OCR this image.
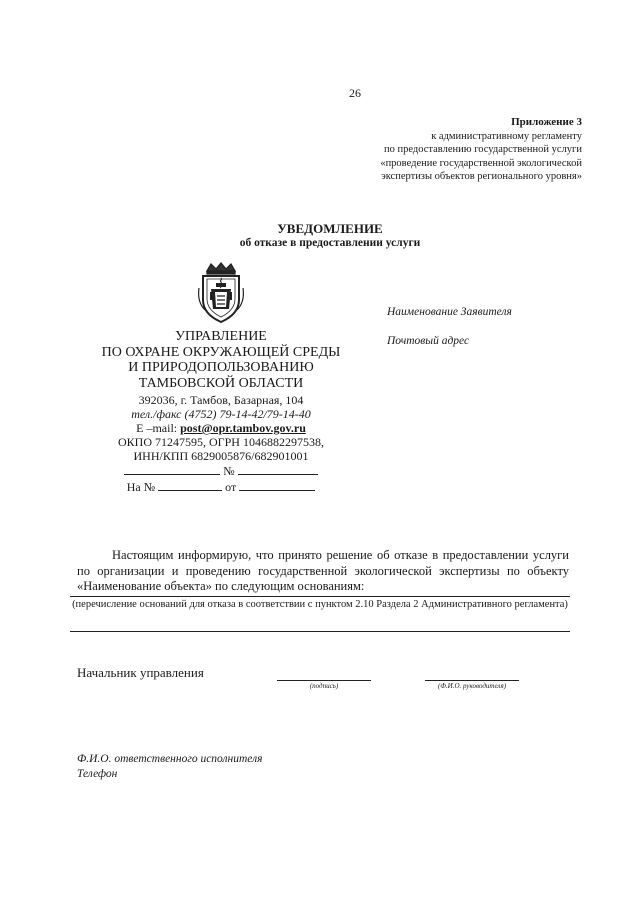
26
Приложение 3
к административному регламенту
по предоставлению государственной услуги
«проведение государственной экологической
экспертизы объектов регионального уровня»
УВЕДОМЛЕНИЕ
об отказе в предоставлении услуги
УПРАВЛЕНИЕ
ПО ОХРАНЕ ОКРУЖАЮЩЕЙ СРЕДЫ
И ПРИРОДОПОЛЬЗОВАНИЮ
ТАМБОВСКОЙ ОБЛАСТИ
392036, г. Тамбов, Базарная, 104
тел./факс (4752) 79-14-42/79-14-40
E –mail: post@opr.tambov.gov.ru
ОКПО 71247595, ОГРН 1046882297538,
ИНН/КПП 6829005876/682901001
№
На №	от
Наименование Заявителя
Почтовый адрес
Настоящим информирую, что принято решение об отказе в предоставлении услуги по организации и проведению государственной экологической экспертизы по объекту «Наименование объекта» по следующим основаниям:
(перечисление оснований для отказа в соответствии с пунктом 2.10 Раздела 2 Административного регламента)
Начальник управления
(подпись)	(Ф.И.О. руководителя)
Ф.И.О. ответственного исполнителя
Телефон
